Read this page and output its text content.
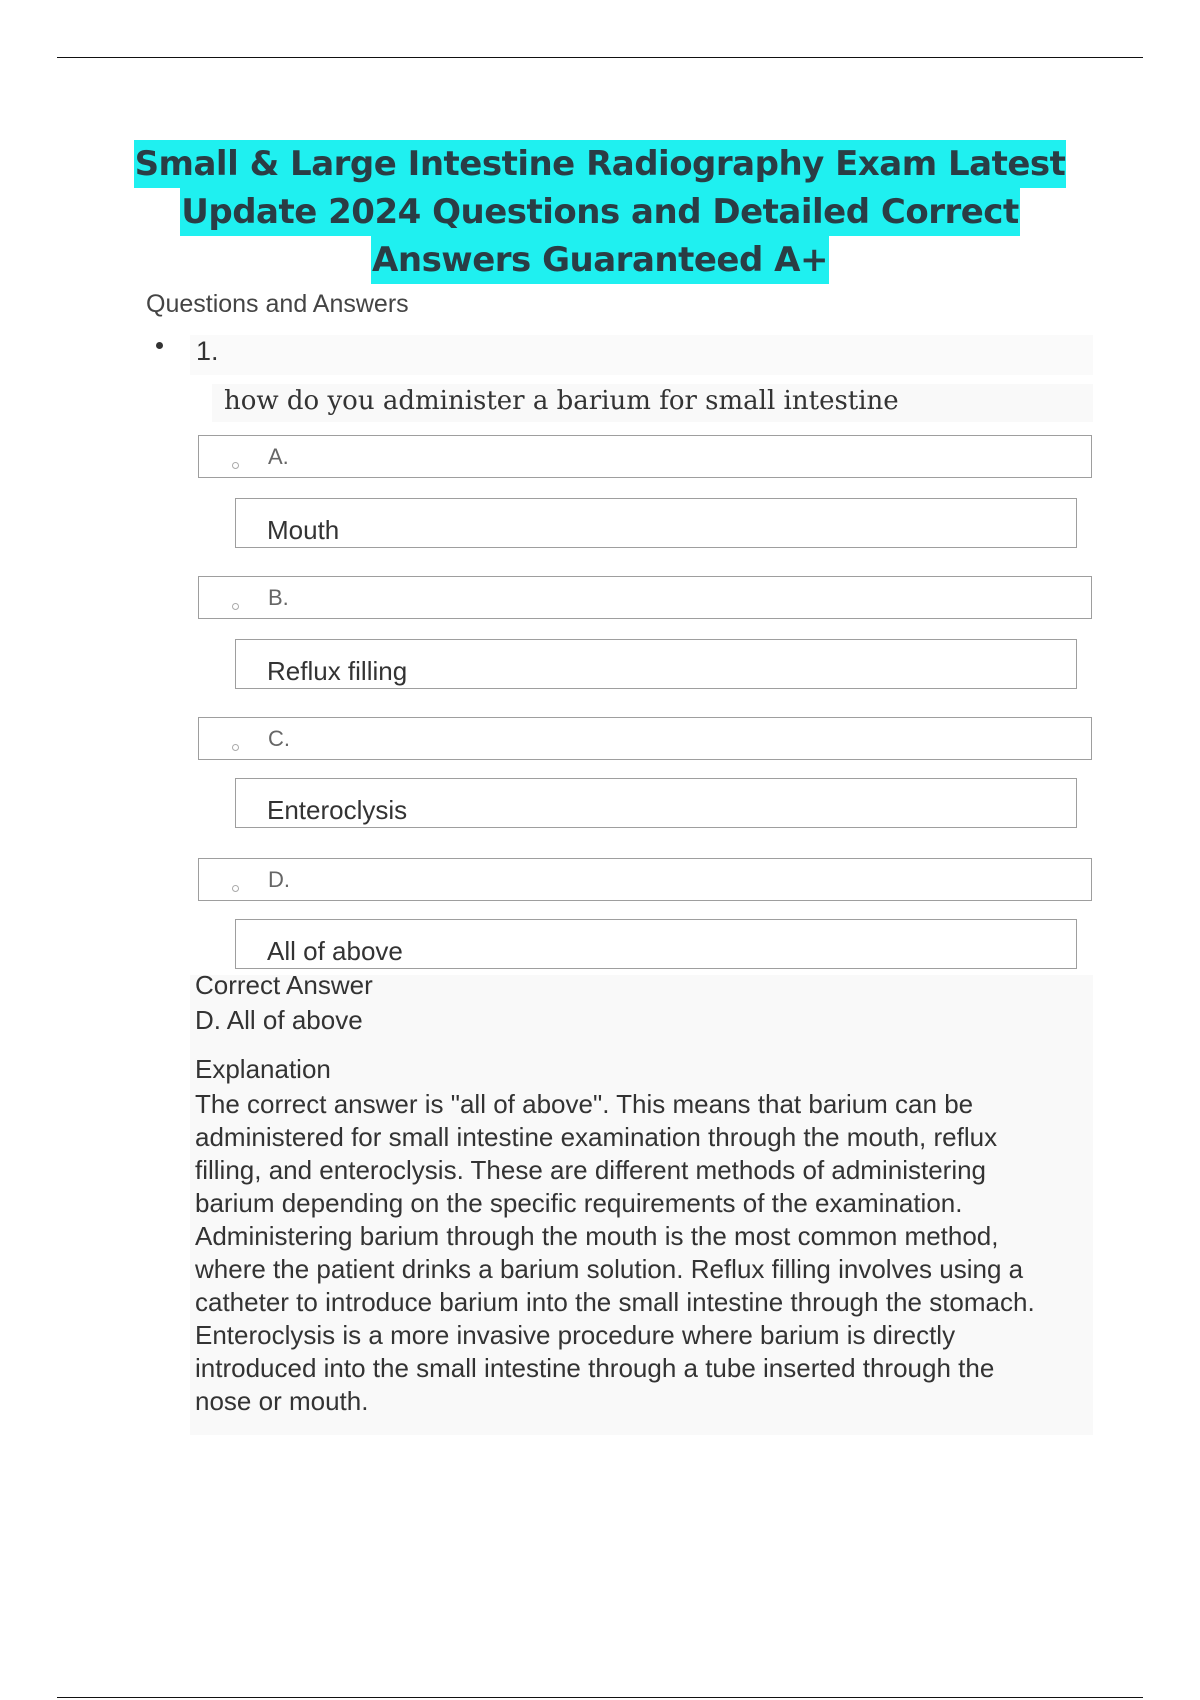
Small & Large Intestine Radiography Exam Latest
Update 2024 Questions and Detailed Correct
Answers Guaranteed A+
Questions and Answers
1.
how do you administer a barium for small intestine
A.
Mouth
B.
Reflux filling
C.
Enteroclysis
D.
All of above
Correct Answer
D. All of above
Explanation
The correct answer is "all of above". This means that barium can be
administered for small intestine examination through the mouth, reflux
filling, and enteroclysis. These are different methods of administering
barium depending on the specific requirements of the examination.
Administering barium through the mouth is the most common method,
where the patient drinks a barium solution. Reflux filling involves using a
catheter to introduce barium into the small intestine through the stomach.
Enteroclysis is a more invasive procedure where barium is directly
introduced into the small intestine through a tube inserted through the
nose or mouth.
